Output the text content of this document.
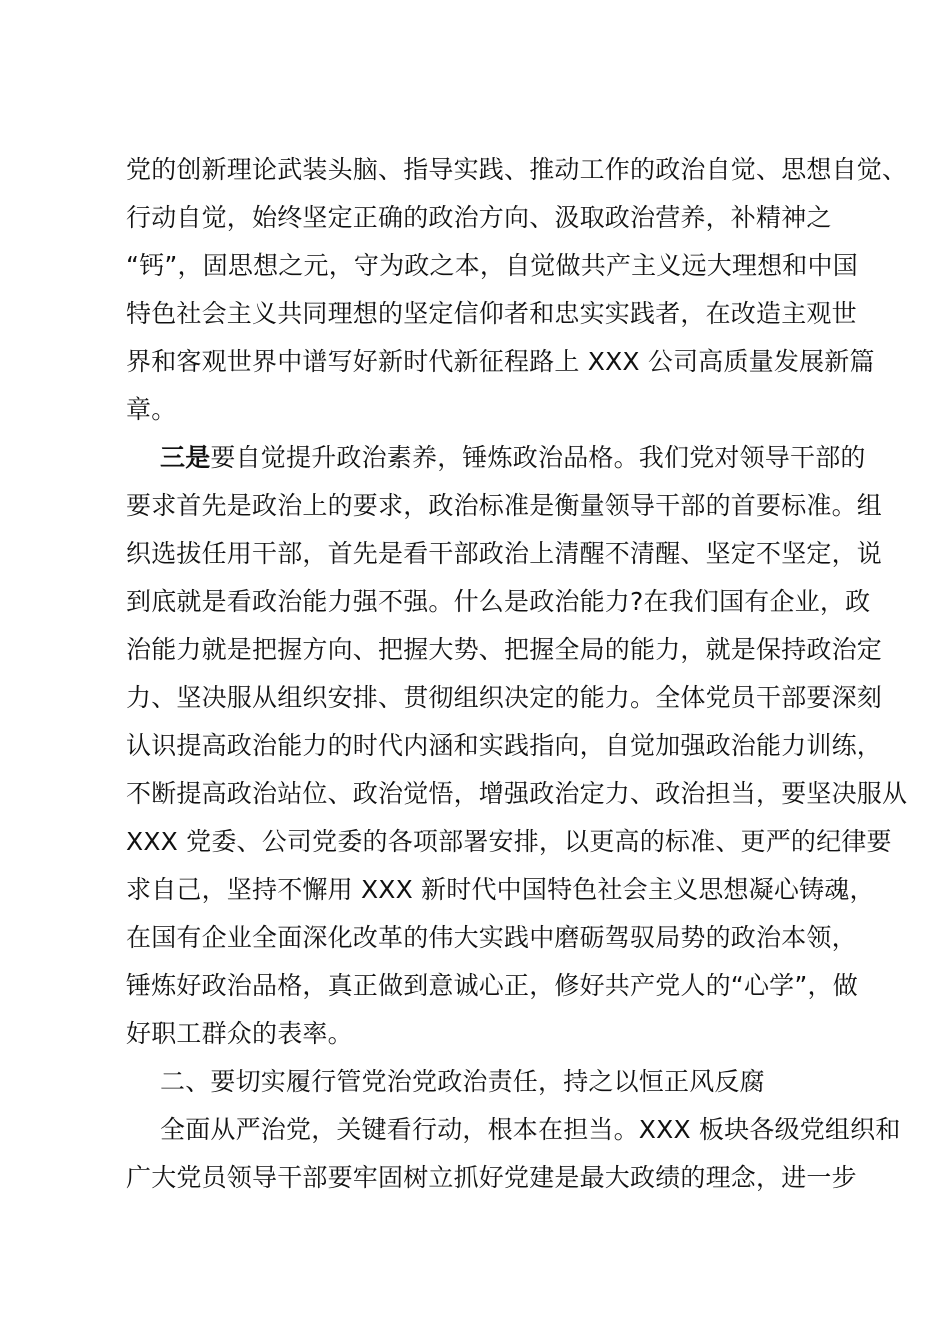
党的创新理论武装头脑、指导实践、推动工作的政治自觉、思想自觉、
行动自觉，始终坚定正确的政治方向、汲取政治营养，补精神之
“钙”，固思想之元，守为政之本，自觉做共产主义远大理想和中国
特色社会主义共同理想的坚定信仰者和忠实实践者，在改造主观世
界和客观世界中谱写好新时代新征程路上 XXX 公司高质量发展新篇
章。
三是要自觉提升政治素养，锤炼政治品格。我们党对领导干部的
要求首先是政治上的要求，政治标准是衡量领导干部的首要标准。组
织选拔任用干部，首先是看干部政治上清醒不清醒、坚定不坚定，说
到底就是看政治能力强不强。什么是政治能力?在我们国有企业，政
治能力就是把握方向、把握大势、把握全局的能力，就是保持政治定
力、坚决服从组织安排、贯彻组织决定的能力。全体党员干部要深刻
认识提高政治能力的时代内涵和实践指向，自觉加强政治能力训练，
不断提高政治站位、政治觉悟，增强政治定力、政治担当，要坚决服从
XXX 党委、公司党委的各项部署安排，以更高的标准、更严的纪律要
求自己，坚持不懈用 XXX 新时代中国特色社会主义思想凝心铸魂，
在国有企业全面深化改革的伟大实践中磨砺驾驭局势的政治本领，
锤炼好政治品格，真正做到意诚心正，修好共产党人的“心学”，做
好职工群众的表率。
二、要切实履行管党治党政治责任，持之以恒正风反腐
全面从严治党，关键看行动，根本在担当。XXX 板块各级党组织和
广大党员领导干部要牢固树立抓好党建是最大政绩的理念，进一步
